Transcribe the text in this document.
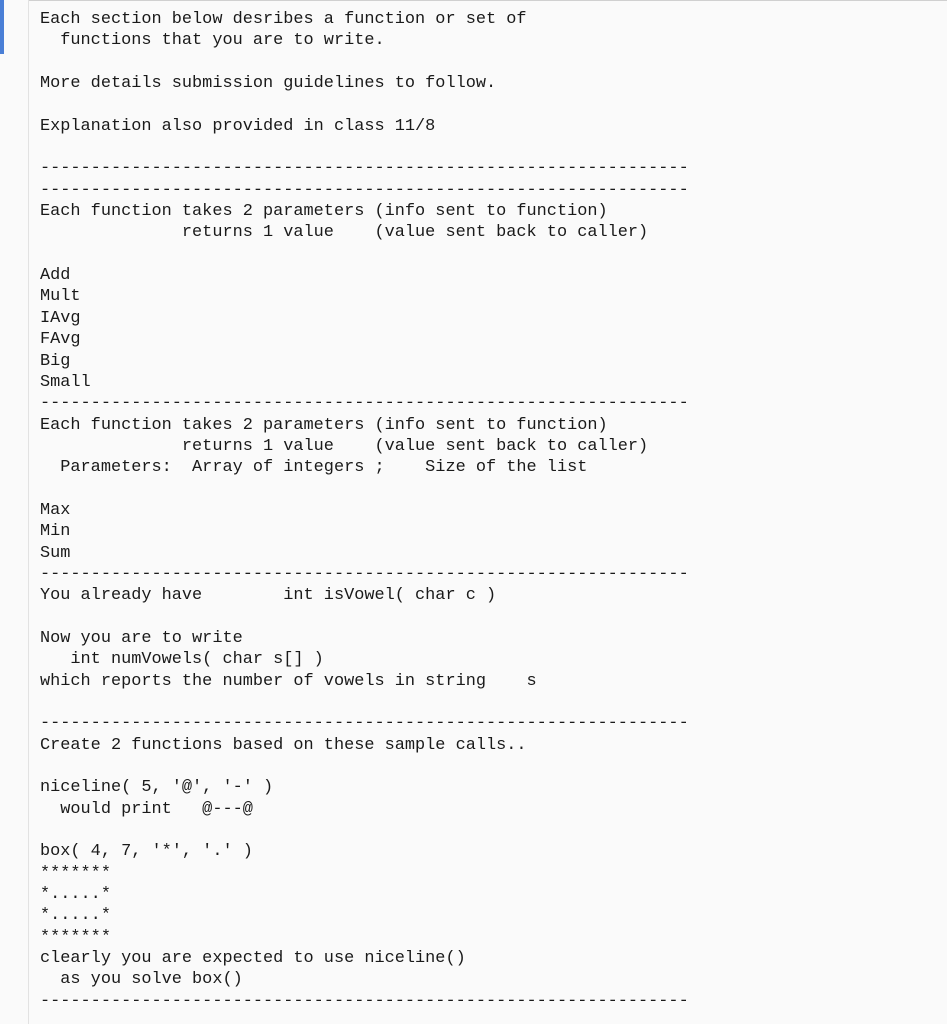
Each section below desribes a function or set of
functions that you are to write.
More details submission guidelines to follow.
Explanation also provided in class 11/8
----------------------------------------------------------------
----------------------------------------------------------------
Each function takes 2 parameters (info sent to function)
returns 1 value    (value sent back to caller)
Add
Mult
IAvg
FAvg
Big
Small
----------------------------------------------------------------
Each function takes 2 parameters (info sent to function)
returns 1 value    (value sent back to caller)
Parameters:  Array of integers ;    Size of the list
Max
Min
Sum
----------------------------------------------------------------
You already have        int isVowel( char c )
Now you are to write
int numVowels( char s[] )
which reports the number of vowels in string    s
----------------------------------------------------------------
Create 2 functions based on these sample calls..
niceline( 5, '@', '-' )
would print   @---@
box( 4, 7, '*', '.' )
*******
*.....*
*.....*
*******
clearly you are expected to use niceline()
as you solve box()
----------------------------------------------------------------
